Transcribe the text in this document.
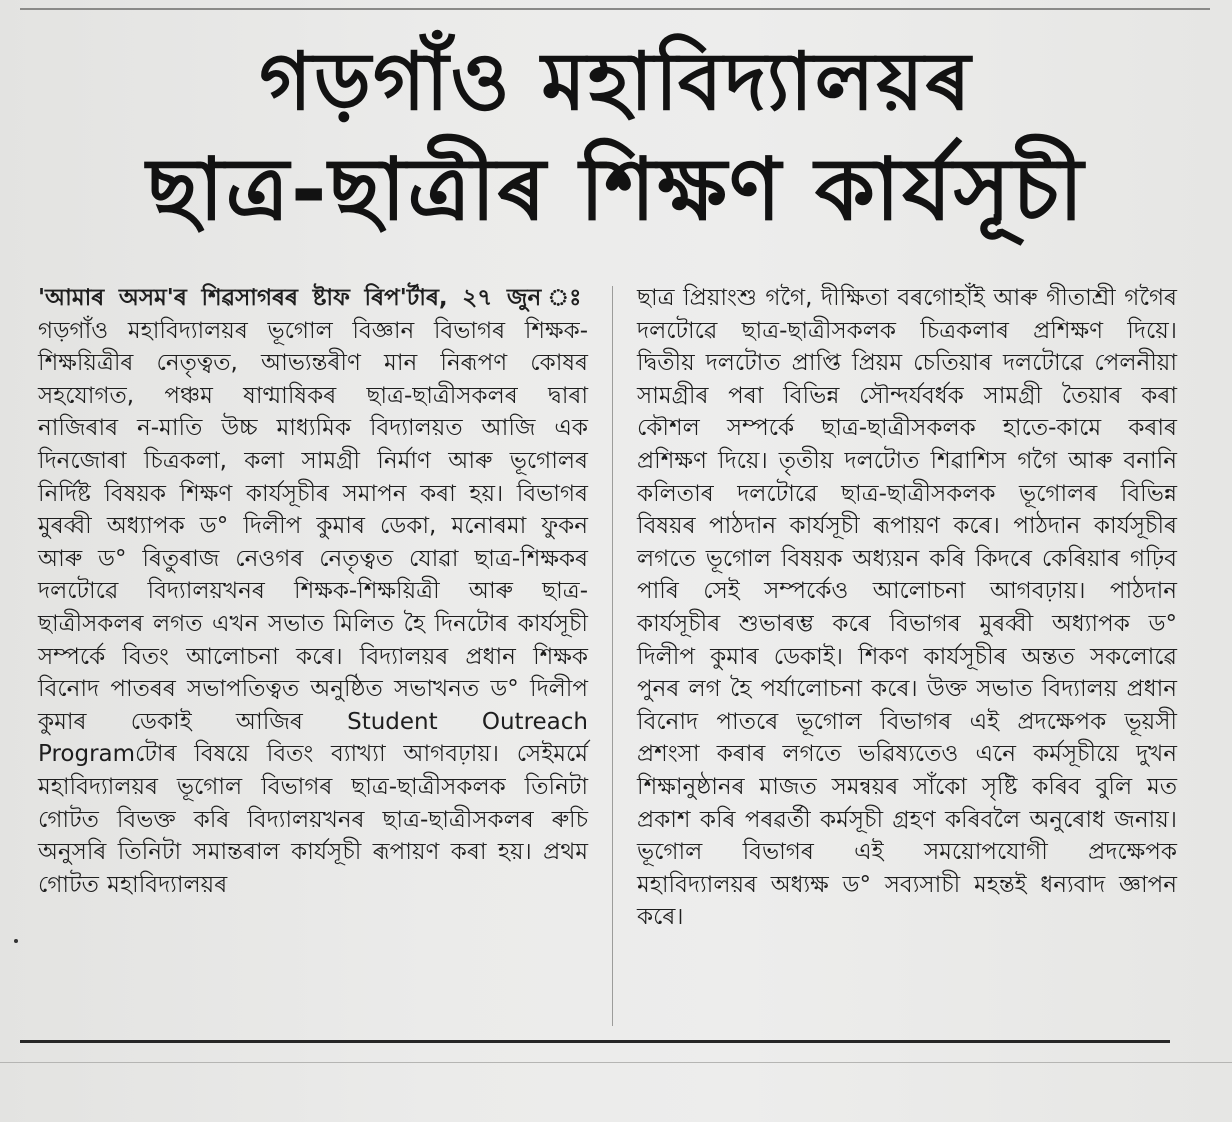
গড়গাঁও মহাবিদ্যালয়ৰ
ছাত্ৰ-ছাত্ৰীৰ শিক্ষণ কাৰ্যসূচী

'আমাৰ অসম'ৰ শিৱসাগৰৰ ষ্টাফ ৰিপ'ৰ্টাৰ, ২৭ জুন ঃ গড়গাঁও মহাবিদ্যালয়ৰ ভূগোল বিজ্ঞান বিভাগৰ শিক্ষক-শিক্ষয়িত্ৰীৰ নেতৃত্বত, আভ্যন্তৰীণ মান নিৰূপণ কোষৰ সহযোগত, পঞ্চম ষাণ্মাষিকৰ ছাত্ৰ-ছাত্ৰীসকলৰ দ্বাৰা নাজিৰাৰ ন-মাতি উচ্চ মাধ্যমিক বিদ্যালয়ত আজি এক দিনজোৰা চিত্ৰকলা, কলা সামগ্ৰী নিৰ্মাণ আৰু ভূগোলৰ নিৰ্দিষ্ট বিষয়ক শিক্ষণ কাৰ্যসূচীৰ সমাপন কৰা হয়। বিভাগৰ মুৰব্বী অধ্যাপক ড° দিলীপ কুমাৰ ডেকা, মনোৰমা ফুকন আৰু ড° ৰিতুৰাজ নেওগৰ নেতৃত্বত যোৱা ছাত্ৰ-শিক্ষকৰ দলটোৱে বিদ্যালয়খনৰ শিক্ষক-শিক্ষয়িত্ৰী আৰু ছাত্ৰ-ছাত্ৰীসকলৰ লগত এখন সভাত মিলিত হৈ দিনটোৰ কাৰ্যসূচী সম্পৰ্কে বিতং আলোচনা কৰে। বিদ্যালয়ৰ প্ৰধান শিক্ষক বিনোদ পাতৰৰ সভাপতিত্বত অনুষ্ঠিত সভাখনত ড° দিলীপ কুমাৰ ডেকাই আজিৰ Student Outreach Programটোৰ বিষয়ে বিতং ব্যাখ্যা আগবঢ়ায়। সেইমৰ্মে মহাবিদ্যালয়ৰ ভূগোল বিভাগৰ ছাত্ৰ-ছাত্ৰীসকলক তিনিটা গোটত বিভক্ত কৰি বিদ্যালয়খনৰ ছাত্ৰ-ছাত্ৰীসকলৰ ৰুচি অনুসৰি তিনিটা সমান্তৰাল কাৰ্যসূচী ৰূপায়ণ কৰা হয়। প্ৰথম গোটত মহাবিদ্যালয়ৰ

ছাত্ৰ প্ৰিয়াংশু গগৈ, দীক্ষিতা বৰগোহাঁই আৰু গীতাশ্ৰী গগৈৰ দলটোৱে ছাত্ৰ-ছাত্ৰীসকলক চিত্ৰকলাৰ প্ৰশিক্ষণ দিয়ে। দ্বিতীয় দলটোত প্ৰাপ্তি প্ৰিয়ম চেতিয়াৰ দলটোৱে পেলনীয়া সামগ্ৰীৰ পৰা বিভিন্ন সৌন্দৰ্যবৰ্ধক সামগ্ৰী তৈয়াৰ কৰা কৌশল সম্পৰ্কে ছাত্ৰ-ছাত্ৰীসকলক হাতে-কামে কৰাৰ প্ৰশিক্ষণ দিয়ে। তৃতীয় দলটোত শিৱাশিস গগৈ আৰু বনানি কলিতাৰ দলটোৱে ছাত্ৰ-ছাত্ৰীসকলক ভূগোলৰ বিভিন্ন বিষয়ৰ পাঠদান কাৰ্যসূচী ৰূপায়ণ কৰে। পাঠদান কাৰ্যসূচীৰ লগতে ভূগোল বিষয়ক অধ্যয়ন কৰি কিদৰে কেৰিয়াৰ গঢ়িব পাৰি সেই সম্পৰ্কেও আলোচনা আগবঢ়ায়। পাঠদান কাৰ্যসূচীৰ শুভাৰম্ভ কৰে বিভাগৰ মুৰব্বী অধ্যাপক ড° দিলীপ কুমাৰ ডেকাই। শিকণ কাৰ্যসূচীৰ অন্তত সকলোৱে পুনৰ লগ হৈ পৰ্যালোচনা কৰে। উক্ত সভাত বিদ্যালয় প্ৰধান বিনোদ পাতৰে ভূগোল বিভাগৰ এই প্ৰদক্ষেপক ভূয়সী প্ৰশংসা কৰাৰ লগতে ভৱিষ্যতেও এনে কৰ্মসূচীয়ে দুখন শিক্ষানুষ্ঠানৰ মাজত সমন্বয়ৰ সাঁকো সৃষ্টি কৰিব বুলি মত প্ৰকাশ কৰি পৰৱৰ্তী কৰ্মসূচী গ্ৰহণ কৰিবলৈ অনুৰোধ জনায়। ভূগোল বিভাগৰ এই সময়োপযোগী প্ৰদক্ষেপক মহাবিদ্যালয়ৰ অধ্যক্ষ ড° সব্যসাচী মহন্তই ধন্যবাদ জ্ঞাপন কৰে।
